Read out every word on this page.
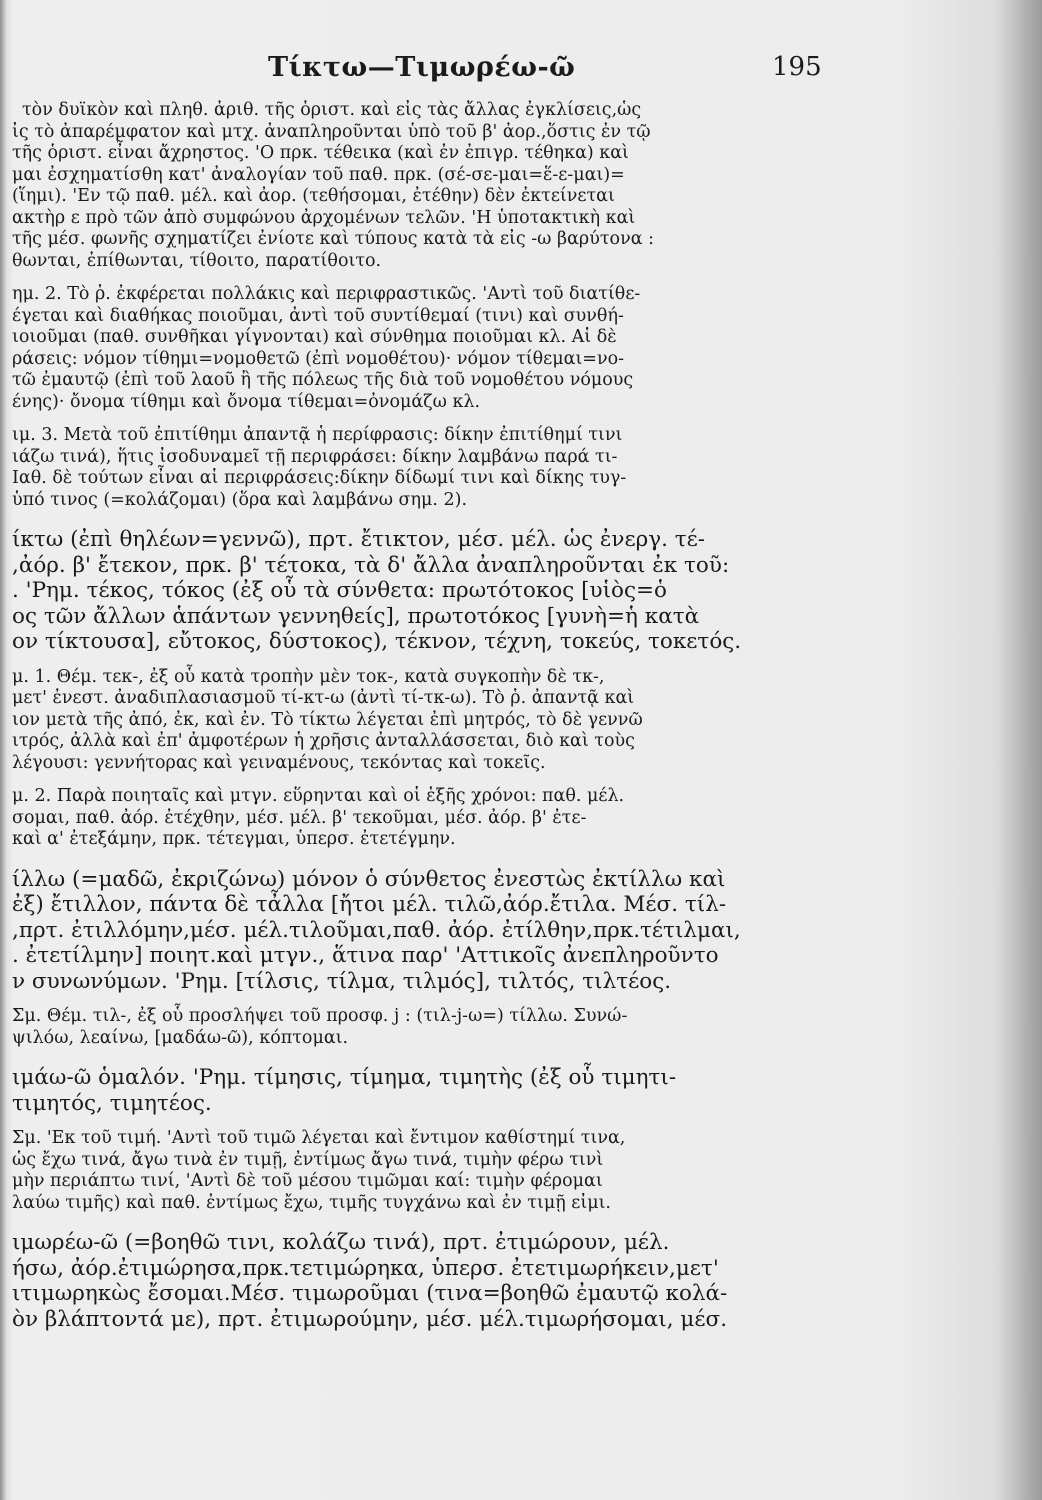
Τίκτω—Τιμωρέω-ῶ	195
τὸν δυϊκὸν καὶ πληθ. ἀριθ. τῆς ὁριστ. καὶ εἰς τὰς ἄλλας ἐγκλίσεις,ὡς
ἰς τὸ ἀπαρέμφατον καὶ μτχ. ἀναπληροῦνται ὑπὸ τοῦ β' ἀορ.,ὅστις ἐν τῷ
τῆς ὁριστ. εἶναι ἄχρηστος. 'Ο πρκ. τέθεικα (καὶ ἐν ἐπιγρ. τέθηκα) καὶ
μαι ἐσχηματίσθη κατ' ἀναλογίαν τοῦ παθ. πρκ. (σέ-σε-μαι=ἕ-ε-μαι)=
(ἵημι). 'Εν τῷ παθ. μέλ. καὶ ἀορ. (τεθήσομαι, ἐτέθην) δὲν ἐκτείνεται
ακτὴρ ε πρὸ τῶν ἀπὸ συμφώνου ἀρχομένων τελῶν. 'Η ὑποτακτικὴ καὶ
τῆς μέσ. φωνῆς σχηματίζει ἐνίοτε καὶ τύπους κατὰ τὰ εἰς -ω βαρύτονα :
θωνται, ἐπίθωνται, τίθοιτο, παρατίθοιτο.
ημ. 2. Τὸ ῥ. ἐκφέρεται πολλάκις καὶ περιφραστικῶς. 'Αντὶ τοῦ διατίθε-
έγεται καὶ διαθήκας ποιοῦμαι, ἀντὶ τοῦ συντίθεμαί (τινι) καὶ συνθή-
ιοιοῦμαι (παθ. συνθῆκαι γίγνονται) καὶ σύνθημα ποιοῦμαι κλ. Αἱ δὲ
ράσεις: νόμον τίθημι=νομοθετῶ (ἐπὶ νομοθέτου)· νόμον τίθεμαι=νο-
τῶ ἐμαυτῷ (ἐπὶ τοῦ λαοῦ ἢ τῆς πόλεως τῆς διὰ τοῦ νομοθέτου νόμους
ένης)· ὄνομα τίθημι καὶ ὄνομα τίθεμαι=ὀνομάζω κλ.
ιμ. 3. Μετὰ τοῦ ἐπιτίθημι ἀπαντᾷ ἡ περίφρασις: δίκην ἐπιτίθημί τινι
ιάζω τινά), ἥτις ἰσοδυναμεῖ τῇ περιφράσει: δίκην λαμβάνω παρά τι-
Ιαθ. δὲ τούτων εἶναι αἱ περιφράσεις:δίκην δίδωμί τινι καὶ δίκης τυγ-
ὑπό τινος (=κολάζομαι) (ὅρα καὶ λαμβάνω σημ. 2).
ίκτω (ἐπὶ θηλέων=γεννῶ), πρτ. ἔτικτον, μέσ. μέλ. ὡς ἐνεργ. τέ-
,ἀόρ. β' ἔτεκον, πρκ. β' τέτοκα, τὰ δ' ἄλλα ἀναπληροῦνται ἐκ τοῦ:
. 'Ρημ. τέκος, τόκος (ἐξ οὗ τὰ σύνθετα: πρωτότοκος [υἱὸς=ὁ
ος τῶν ἄλλων ἁπάντων γεννηθείς], πρωτοτόκος [γυνὴ=ἡ κατὰ
ον τίκτουσα], εὔτοκος, δύστοκος), τέκνον, τέχνη, τοκεύς, τοκετός.
μ. 1. Θέμ. τεκ-, ἐξ οὗ κατὰ τροπὴν μὲν τοκ-, κατὰ συγκοπὴν δὲ τκ-,
μετ' ἐνεστ. ἀναδιπλασιασμοῦ τί-κτ-ω (ἀντὶ τί-τκ-ω). Τὸ ῥ. ἀπαντᾷ καὶ
ιον μετὰ τῆς ἀπό, ἐκ, καὶ ἐν. Τὸ τίκτω λέγεται ἐπὶ μητρός, τὸ δὲ γεννῶ
ιτρός, ἀλλὰ καὶ ἐπ' ἀμφοτέρων ἡ χρῆσις ἀνταλλάσσεται, διὸ καὶ τοὺς
λέγουσι: γεννήτορας καὶ γειναμένους, τεκόντας καὶ τοκεῖς.
μ. 2. Παρὰ ποιηταῖς καὶ μτγν. εὕρηνται καὶ οἱ ἑξῆς χρόνοι: παθ. μέλ.
σομαι, παθ. ἀόρ. ἐτέχθην, μέσ. μέλ. β' τεκοῦμαι, μέσ. ἀόρ. β' ἐτε-
καὶ α' ἐτεξάμην, πρκ. τέτεγμαι, ὑπερσ. ἐτετέγμην.
ίλλω (=μαδῶ, ἐκριζώνω) μόνον ὁ σύνθετος ἐνεστὼς ἐκτίλλω καὶ
ἐξ) ἔτιλλον, πάντα δὲ τἆλλα [ἤτοι μέλ. τιλῶ,ἀόρ.ἔτιλα. Μέσ. τίλ-
,πρτ. ἐτιλλόμην,μέσ. μέλ.τιλοῦμαι,παθ. ἀόρ. ἐτίλθην,πρκ.τέτιλμαι,
. ἐτετίλμην] ποιητ.καὶ μτγν., ἅτινα παρ' 'Αττικοῖς ἀνεπληροῦντο
ν συνωνύμων. 'Ρημ. [τίλσις, τίλμα, τιλμός], τιλτός, τιλτέος.
Σμ. Θέμ. τιλ-, ἐξ οὗ προσλήψει τοῦ προσφ. j : (τιλ-j-ω=) τίλλω. Συνώ-
ψιλόω, λεαίνω, [μαδάω-ῶ), κόπτομαι.
ιμάω-ῶ ὁμαλόν. 'Ρημ. τίμησις, τίμημα, τιμητὴς (ἐξ οὗ τιμητι-
τιμητός, τιμητέος.
Σμ. 'Εκ τοῦ τιμή. 'Αντὶ τοῦ τιμῶ λέγεται καὶ ἔντιμον καθίστημί τινα,
ὡς ἔχω τινά, ἄγω τινὰ ἐν τιμῇ, ἐντίμως ἄγω τινά, τιμὴν φέρω τινὶ
μὴν περιάπτω τινί, 'Αντὶ δὲ τοῦ μέσου τιμῶμαι καί: τιμὴν φέρομαι
λαύω τιμῆς) καὶ παθ. ἐντίμως ἔχω, τιμῆς τυγχάνω καὶ ἐν τιμῇ εἰμι.
ιμωρέω-ῶ (=βοηθῶ τινι, κολάζω τινά), πρτ. ἐτιμώρουν, μέλ.
ήσω, ἀόρ.ἐτιμώρησα,πρκ.τετιμώρηκα, ὑπερσ. ἐτετιμωρήκειν,μετ'
ιτιμωρηκὼς ἔσομαι.Μέσ. τιμωροῦμαι (τινα=βοηθῶ ἐμαυτῷ κολά-
ὸν βλάπτοντά με), πρτ. ἐτιμωρούμην, μέσ. μέλ.τιμωρήσομαι, μέσ.
